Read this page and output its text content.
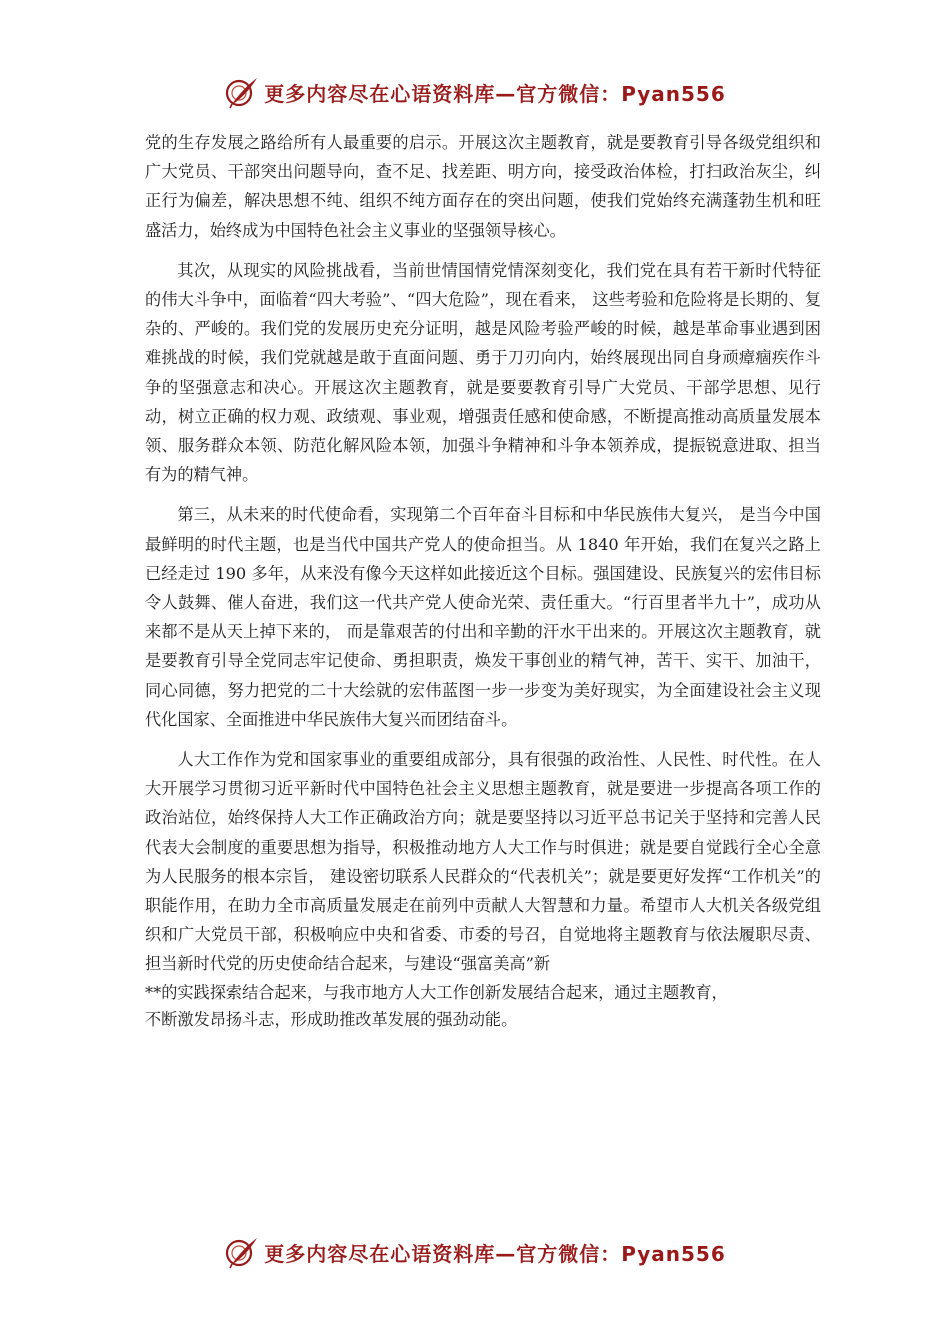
更多内容尽在心语资料库—官方微信：Pyan556

党的生存发展之路给所有人最重要的启示。开展这次主题教育，就是要教育引导各级党组织和广大党员、干部突出问题导向，查不足、找差距、明方向，接受政治体检，打扫政治灰尘，纠正行为偏差，解决思想不纯、组织不纯方面存在的突出问题，使我们党始终充满蓬勃生机和旺盛活力，始终成为中国特色社会主义事业的坚强领导核心。

其次，从现实的风险挑战看，当前世情国情党情深刻变化，我们党在具有若干新时代特征的伟大斗争中，面临着“四大考验”、“四大危险”，现在看来， 这些考验和危险将是长期的、复杂的、严峻的。我们党的发展历史充分证明，越是风险考验严峻的时候，越是革命事业遇到困难挑战的时候，我们党就越是敢于直面问题、勇于刀刃向内，始终展现出同自身顽瘴痼疾作斗争的坚强意志和决心。开展这次主题教育，就是要要教育引导广大党员、干部学思想、见行动，树立正确的权力观、政绩观、事业观，增强责任感和使命感，不断提高推动高质量发展本领、服务群众本领、防范化解风险本领，加强斗争精神和斗争本领养成，提振锐意进取、担当有为的精气神。

第三，从未来的时代使命看，实现第二个百年奋斗目标和中华民族伟大复兴， 是当今中国最鲜明的时代主题，也是当代中国共产党人的使命担当。从 1840 年开始，我们在复兴之路上已经走过 190 多年，从来没有像今天这样如此接近这个目标。强国建设、民族复兴的宏伟目标令人鼓舞、催人奋进，我们这一代共产党人使命光荣、责任重大。“行百里者半九十”，成功从来都不是从天上掉下来的， 而是靠艰苦的付出和辛勤的汗水干出来的。开展这次主题教育，就是要教育引导全党同志牢记使命、勇担职责，焕发干事创业的精气神，苦干、实干、加油干， 同心同德，努力把党的二十大绘就的宏伟蓝图一步一步变为美好现实，为全面建设社会主义现代化国家、全面推进中华民族伟大复兴而团结奋斗。

人大工作作为党和国家事业的重要组成部分，具有很强的政治性、人民性、时代性。在人大开展学习贯彻习近平新时代中国特色社会主义思想主题教育，就是要进一步提高各项工作的政治站位，始终保持人大工作正确政治方向；就是要坚持以习近平总书记关于坚持和完善人民代表大会制度的重要思想为指导，积极推动地方人大工作与时俱进；就是要自觉践行全心全意为人民服务的根本宗旨， 建设密切联系人民群众的“代表机关”；就是要更好发挥“工作机关”的职能作用，在助力全市高质量发展走在前列中贡献人大智慧和力量。希望市人大机关各级党组织和广大党员干部，积极响应中央和省委、市委的号召，自觉地将主题教育与依法履职尽责、担当新时代党的历史使命结合起来，与建设“强富美高”新

**的实践探索结合起来，与我市地方人大工作创新发展结合起来，通过主题教育，

不断激发昂扬斗志，形成助推改革发展的强劲动能。

更多内容尽在心语资料库—官方微信：Pyan556
